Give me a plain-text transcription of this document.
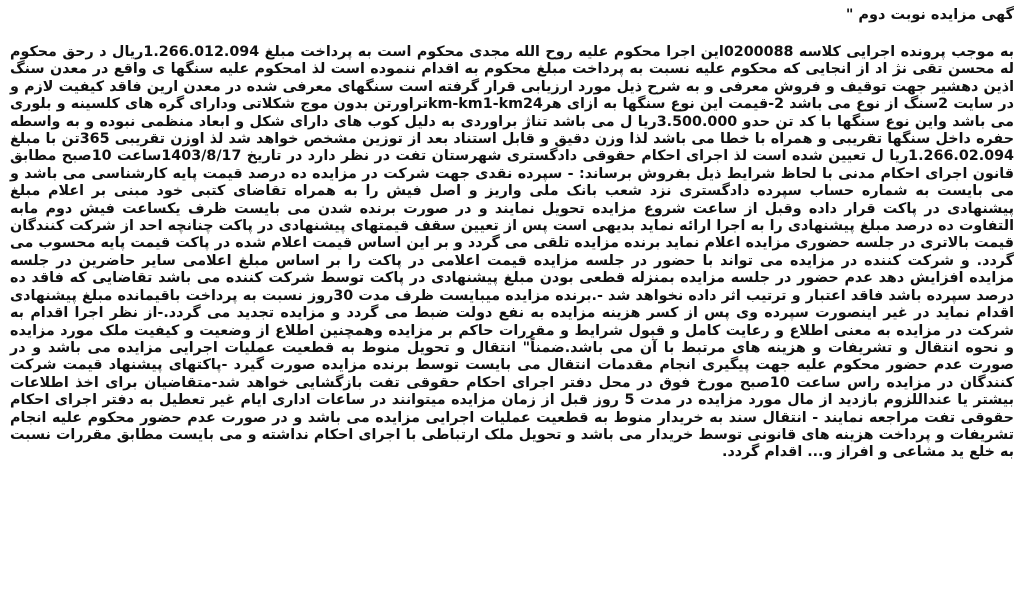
گهی مزایده نوبت دوم "

به موجب پرونده اجرایی کلاسه 0200088این اجرا محکوم علیه روح الله مجدی محکوم است به پرداخت مبلغ 1.266.012.094ریال د رحق محکوم له محسن تقی نژ اد از انجایی که محکوم علیه نسبت به پرداخت مبلغ محکوم به اقدام ننموده است لذ امحکوم علیه سنگها ی واقع در معدن سنگ اذین دهشیر جهت توقیف و فروش معرفی و به شرح ذیل مورد ارزیابی قرار گرفته است سنگهای معرفی شده در معدن ارین فاقد کیفیت لازم و در سایت 2سنگ از نوع می باشد 2-قیمت این نوع سنگها به ازای هرkm-km1-km24تراورتن بدون موج شکلاتی ودارای گره های کلسینه و بلوری می باشد واین نوع سنگها با کد تن حدو 3.500.000ریا ل می باشد تناژ براوردی به دلیل کوب های دارای شکل و ابعاد منظمی نبوده و به واسطه حفره داخل سنگها تقریبی و همراه با خطا می باشد لذا وزن دقیق و قابل استناد بعد از توزین مشخص خواهد شد لذ اوزن تقریبی 365تن با مبلغ 1.266.02.094ریا ل تعیین شده است لذ اجرای احکام حقوقی دادگستری شهرستان تفت در نظر دارد در تاریخ 1403/8/17ساعت 10صبح مطابق قانون اجرای احکام مدنی با لحاظ شرایط ذیل بفروش برساند: - سپرده نقدی جهت شرکت در مزایده ده درصد قیمت پایه کارشناسی می باشد و می بایست به شماره حساب سپرده دادگستری نزد شعب بانک ملی واریز و اصل فیش را به همراه تقاضای کتبی خود مبنی بر اعلام مبلغ پیشنهادی در پاکت قرار داده وقبل از ساعت شروع مزایده تحویل نمایند و در صورت برنده شدن می بایست ظرف یکساعت فیش دوم مابه التفاوت ده درصد مبلغ پیشنهادی را به اجرا ارائه نماید بدیهی است پس از تعیین سقف قیمتهای پیشنهادی در پاکت چنانچه احد از شرکت کنندگان قیمت بالاتری در جلسه حضوری مزایده اعلام نماید برنده مزایده تلقی می گردد و بر این اساس قیمت اعلام شده در پاکت قیمت پایه محسوب می گردد. و شرکت کننده در مزایده می تواند با حضور در جلسه مزایده قیمت اعلامی در پاکت را بر اساس مبلغ اعلامی سایر حاضرین در جلسه مزایده افزایش دهد عدم حضور در جلسه مزایده بمنزله قطعی بودن مبلغ پیشنهادی در پاکت توسط شرکت کننده می باشد تقاضایی که فاقد ده درصد سپرده باشد فاقد اعتبار و ترتیب اثر داده نخواهد شد -.برنده مزایده میبایست ظرف مدت 30روز نسبت به پرداخت باقیمانده مبلغ پیشنهادی اقدام نماید در غیر اینصورت سپرده وی پس از کسر هزینه مزایده به نفع دولت ضبط می گردد و مزایده تجدید می گردد.-از نظر اجرا اقدام به شرکت در مزایده به معنی اطلاع و رعایت کامل و قبول شرایط و مقررات حاکم بر مزایده وهمچنین اطلاع از وضعیت و کیفیت ملک مورد مزایده و نحوه انتقال و تشریفات و هزینه های مرتبط با آن می باشد.ضمناً" انتقال و تحویل منوط به قطعیت عملیات اجرایی مزایده می باشد و در صورت عدم حضور محکوم علیه جهت پیگیری انجام مقدمات انتقال می بایست توسط برنده مزایده صورت گیرد -پاکتهای پیشنهاد قیمت شرکت کنندگان در مزایده راس ساعت 10صبح مورخ فوق در محل دفتر اجرای احکام حقوقی تفت بازگشایی خواهد شد-متقاضیان برای اخذ اطلاعات بیشتر یا عنداللزوم بازدید از مال مورد مزایده در مدت 5 روز قبل از زمان مزایده میتوانند در ساعات اداری ایام غیر تعطیل به دفتر اجرای احکام حقوقی تفت مراجعه نمایند - انتقال سند به خریدار منوط به قطعیت عملیات اجرایی مزایده می باشد و در صورت عدم حضور محکوم علیه انجام تشریفات و پرداخت هزینه های قانونی توسط خریدار می باشد و تحویل ملک ارتباطی با اجرای احکام نداشته و می بایست مطابق مقررات نسبت به خلع ید مشاعی و افراز و... اقدام گردد.
